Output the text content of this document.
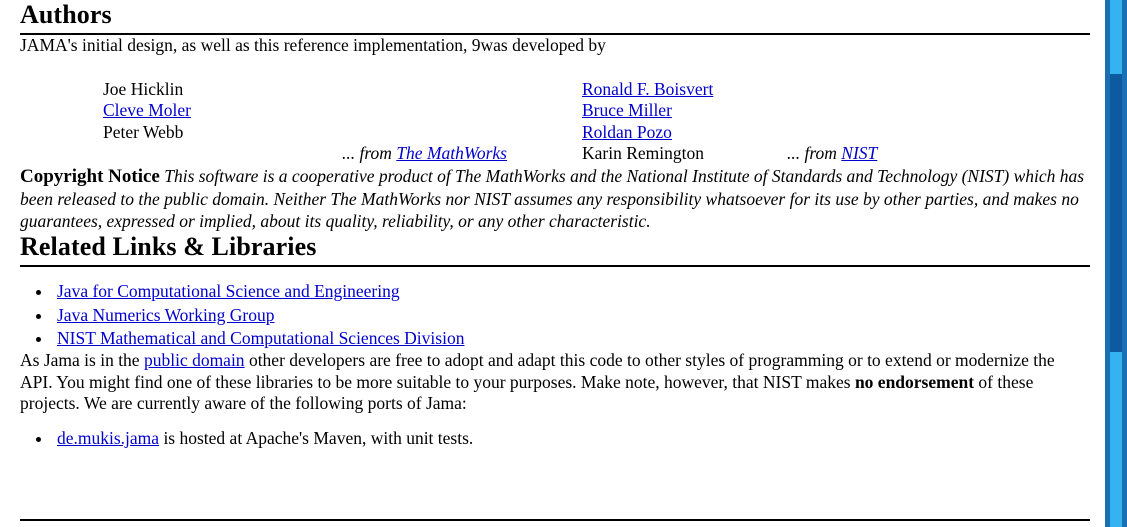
Authors

JAMA's initial design, as well as this reference implementation, 9was developed by

Joe Hicklin	Ronald F. Boisvert	
Cleve Moler	Bruce Miller	
Peter Webb	Roldan Pozo	
... from The MathWorks	Karin Remington	... from NIST

Copyright Notice This software is a cooperative product of The MathWorks and the National Institute of Standards and Technology (NIST) which has been released to the public domain. Neither The MathWorks nor NIST assumes any responsibility whatsoever for its use by other parties, and makes no guarantees, expressed or implied, about its quality, reliability, or any other characteristic.

Related Links & Libraries
• Java for Computational Science and Engineering
• Java Numerics Working Group
• NIST Mathematical and Computational Sciences Division

As Jama is in the public domain other developers are free to adopt and adapt this code to other styles of programming or to extend or modernize the API. You might find one of these libraries to be more suitable to your purposes. Make note, however, that NIST makes no endorsement of these projects. We are currently aware of the following ports of Jama:

• de.mukis.jama is hosted at Apache's Maven, with unit tests.
